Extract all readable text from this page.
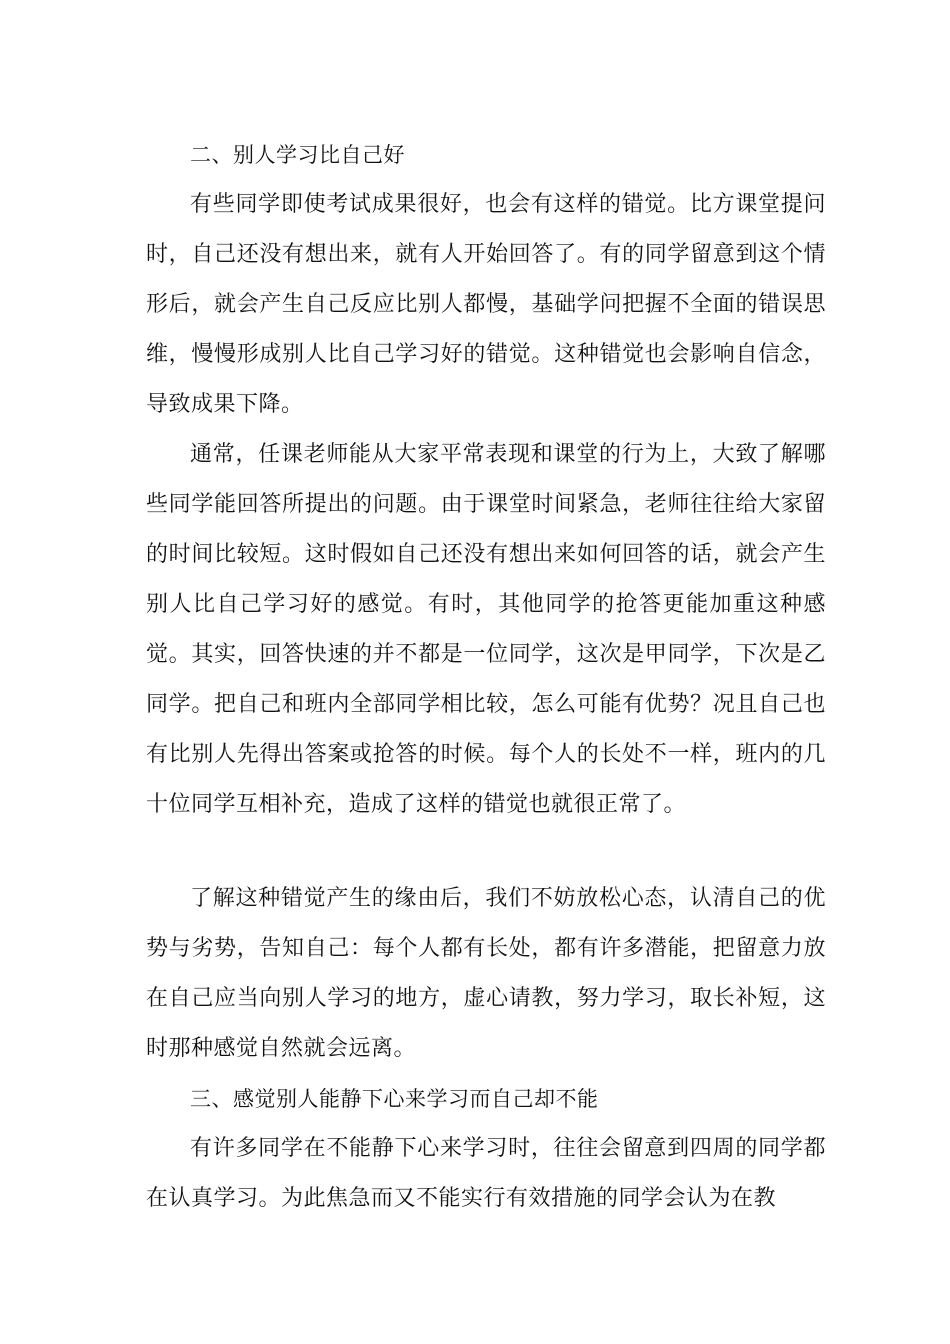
二、别人学习比自己好

有些同学即使考试成果很好，也会有这样的错觉。比方课堂提问时，自己还没有想出来，就有人开始回答了。有的同学留意到这个情形后，就会产生自己反应比别人都慢，基础学问把握不全面的错误思维，慢慢形成别人比自己学习好的错觉。这种错觉也会影响自信念，导致成果下降。

通常，任课老师能从大家平常表现和课堂的行为上，大致了解哪些同学能回答所提出的问题。由于课堂时间紧急，老师往往给大家留的时间比较短。这时假如自己还没有想出来如何回答的话，就会产生别人比自己学习好的感觉。有时，其他同学的抢答更能加重这种感觉。其实，回答快速的并不都是一位同学，这次是甲同学，下次是乙同学。把自己和班内全部同学相比较，怎么可能有优势？况且自己也有比别人先得出答案或抢答的时候。每个人的长处不一样，班内的几十位同学互相补充，造成了这样的错觉也就很正常了。

了解这种错觉产生的缘由后，我们不妨放松心态，认清自己的优势与劣势，告知自己：每个人都有长处，都有许多潜能，把留意力放在自己应当向别人学习的地方，虚心请教，努力学习，取长补短，这时那种感觉自然就会远离。

三、感觉别人能静下心来学习而自己却不能

有许多同学在不能静下心来学习时，往往会留意到四周的同学都在认真学习。为此焦急而又不能实行有效措施的同学会认为在教
